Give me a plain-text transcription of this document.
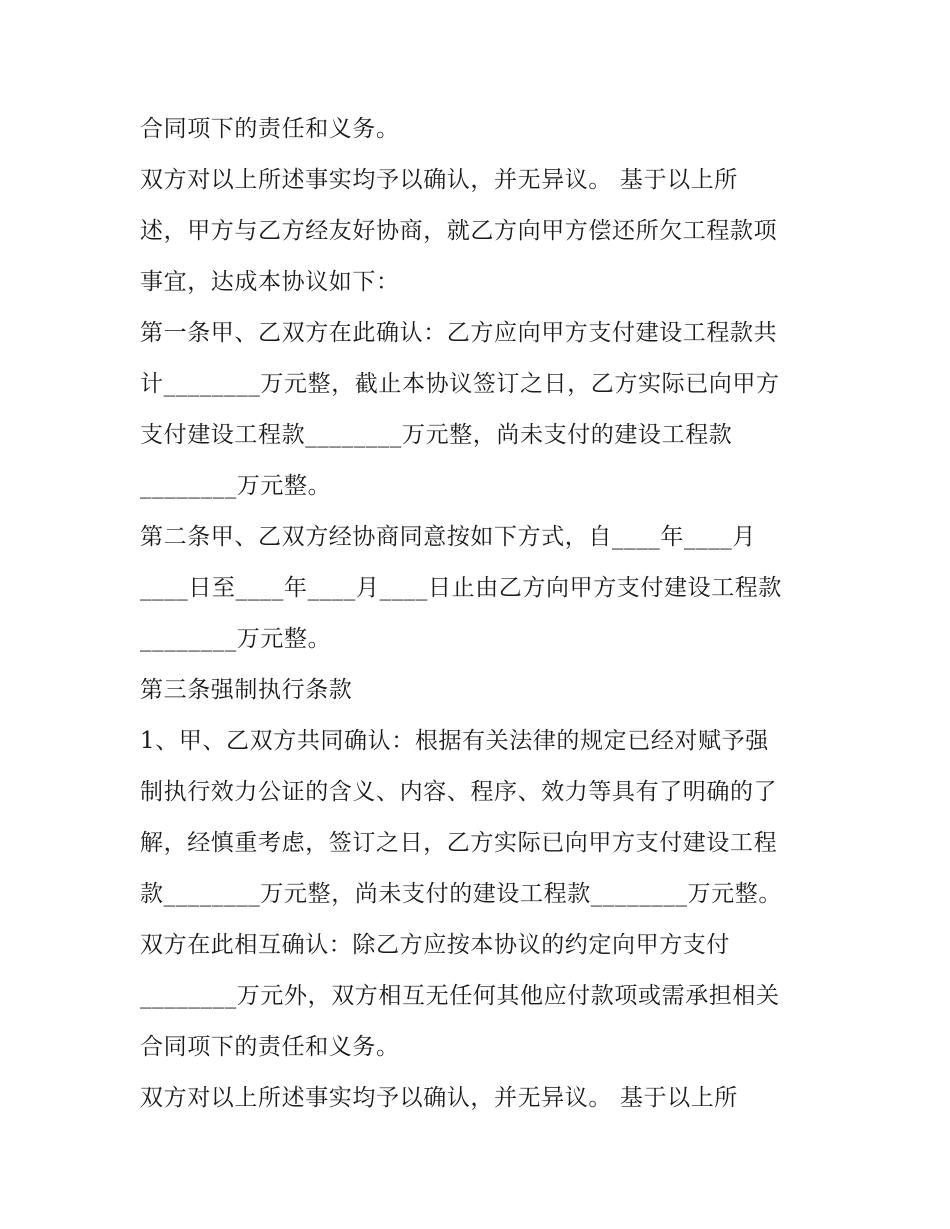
合同项下的责任和义务。
双方对以上所述事实均予以确认，并无异议。 基于以上所
述，甲方与乙方经友好协商，就乙方向甲方偿还所欠工程款项
事宜，达成本协议如下：
第一条甲、乙双方在此确认：乙方应向甲方支付建设工程款共
计________万元整，截止本协议签订之日，乙方实际已向甲方
支付建设工程款________万元整，尚未支付的建设工程款
________万元整。
第二条甲、乙双方经协商同意按如下方式，自____年____月
____日至____年____月____日止由乙方向甲方支付建设工程款
________万元整。
第三条强制执行条款
1、甲、乙双方共同确认：根据有关法律的规定已经对赋予强
制执行效力公证的含义、内容、程序、效力等具有了明确的了
解，经慎重考虑，签订之日，乙方实际已向甲方支付建设工程
款________万元整，尚未支付的建设工程款________万元整。
双方在此相互确认：除乙方应按本协议的约定向甲方支付
________万元外，双方相互无任何其他应付款项或需承担相关
合同项下的责任和义务。
双方对以上所述事实均予以确认，并无异议。 基于以上所
